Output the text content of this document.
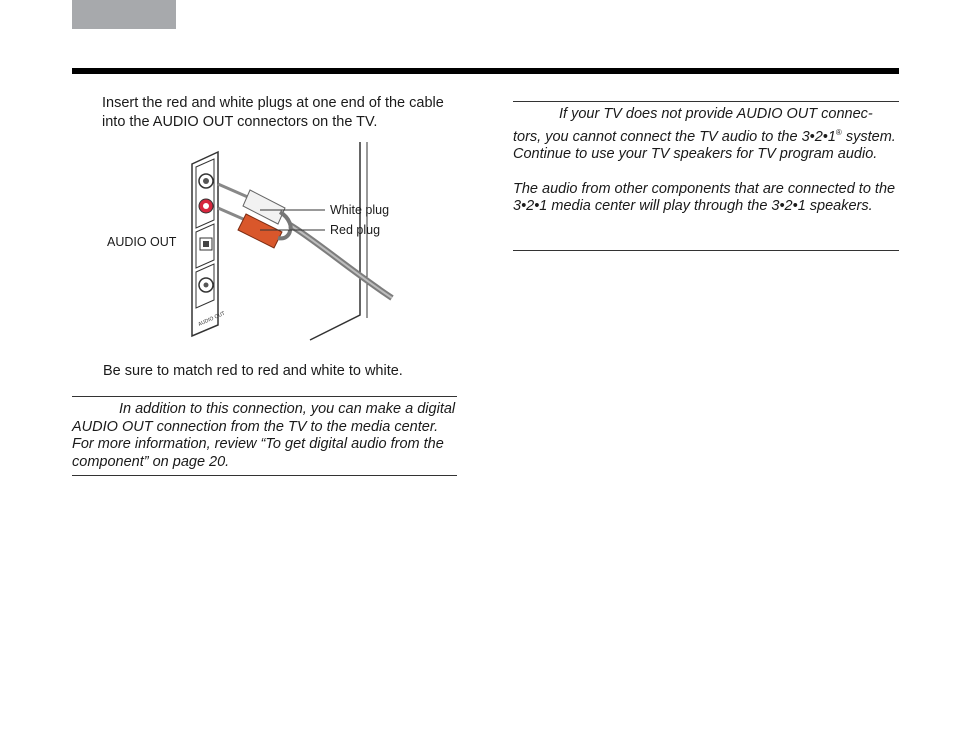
Insert the red and white plugs at one end of the cable into the AUDIO OUT connectors on the TV.
AUDIO OUT
AUDIO OUT
White plug
Red plug
Be sure to match red to red and white to white.

In addition to this connection, you can make a digital AUDIO OUT connection from the TV to the media center. For more information, review “To get digital audio from the component” on page 20.

If your TV does not provide AUDIO OUT connec- tors, you cannot connect the TV audio to the 3•2•1® system. Continue to use your TV speakers for TV program audio.

The audio from other components that are connected to the 3•2•1 media center will play through the 3•2•1 speakers.
